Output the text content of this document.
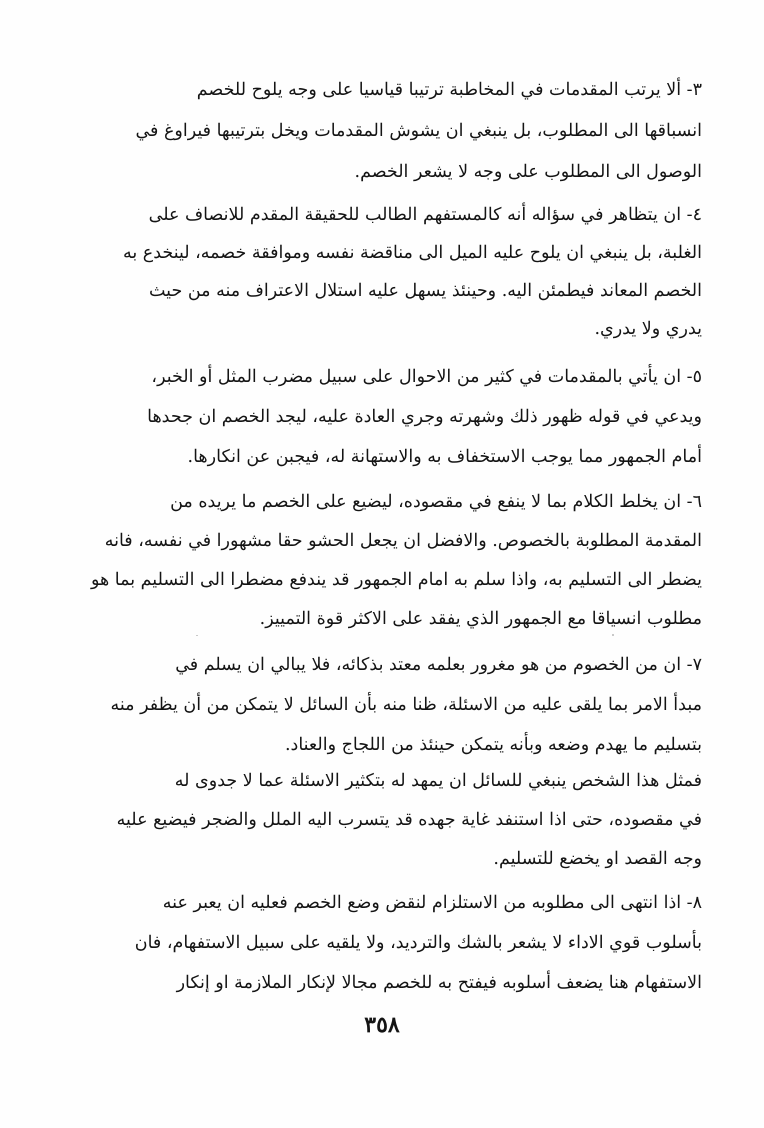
٣- ألا يرتب المقدمات في المخاطبة ترتيبا قياسيا على وجه يلوح للخصم
انسباقها الى المطلوب، بل ينبغي ان يشوش المقدمات ويخل بترتيبها فيراوغ في
الوصول الى المطلوب على وجه لا يشعر الخصم.
٤- ان يتظاهر في سؤاله أنه كالمستفهم الطالب للحقيقة المقدم للانصاف على
الغلبة، بل ينبغي ان يلوح عليه الميل الى مناقضة نفسه وموافقة خصمه، لينخدع به
الخصم المعاند فيطمئن اليه. وحينئذ يسهل عليه استلال الاعتراف منه من حيث
يدري ولا يدري.
٥- ان يأتي بالمقدمات في كثير من الاحوال على سبيل مضرب المثل أو الخبر،
ويدعي في قوله ظهور ذلك وشهرته وجري العادة عليه، ليجد الخصم ان جحدها
أمام الجمهور مما يوجب الاستخفاف به والاستهانة له، فيجبن عن انكارها.
٦- ان يخلط الكلام بما لا ينفع في مقصوده، ليضيع على الخصم ما يريده من
المقدمة المطلوبة بالخصوص. والافضل ان يجعل الحشو حقا مشهورا في نفسه، فانه
يضطر الى التسليم به، واذا سلم به امام الجمهور قد يندفع مضطرا الى التسليم بما هو
مطلوب انسياقا مع الجمهور الذي يفقد على الاكثر قوة التمييز.
٧- ان من الخصوم من هو مغرور بعلمه معتد بذكائه، فلا يبالي ان يسلم في
مبدأ الامر بما يلقى عليه من الاسئلة، ظنا منه بأن السائل لا يتمكن من أن يظفر منه
بتسليم ما يهدم وضعه وبأنه يتمكن حينئذ من اللجاج والعناد.
فمثل هذا الشخص ينبغي للسائل ان يمهد له بتكثير الاسئلة عما لا جدوى له
في مقصوده، حتى اذا استنفد غاية جهده قد يتسرب اليه الملل والضجر فيضيع عليه
وجه القصد او يخضع للتسليم.
٨- اذا انتهى الى مطلوبه من الاستلزام لنقض وضع الخصم فعليه ان يعبر عنه
بأسلوب قوي الاداء لا يشعر بالشك والترديد، ولا يلقيه على سبيل الاستفهام، فان
الاستفهام هنا يضعف أسلوبه فيفتح به للخصم مجالا لإنكار الملازمة او إنكار
٣٥٨
